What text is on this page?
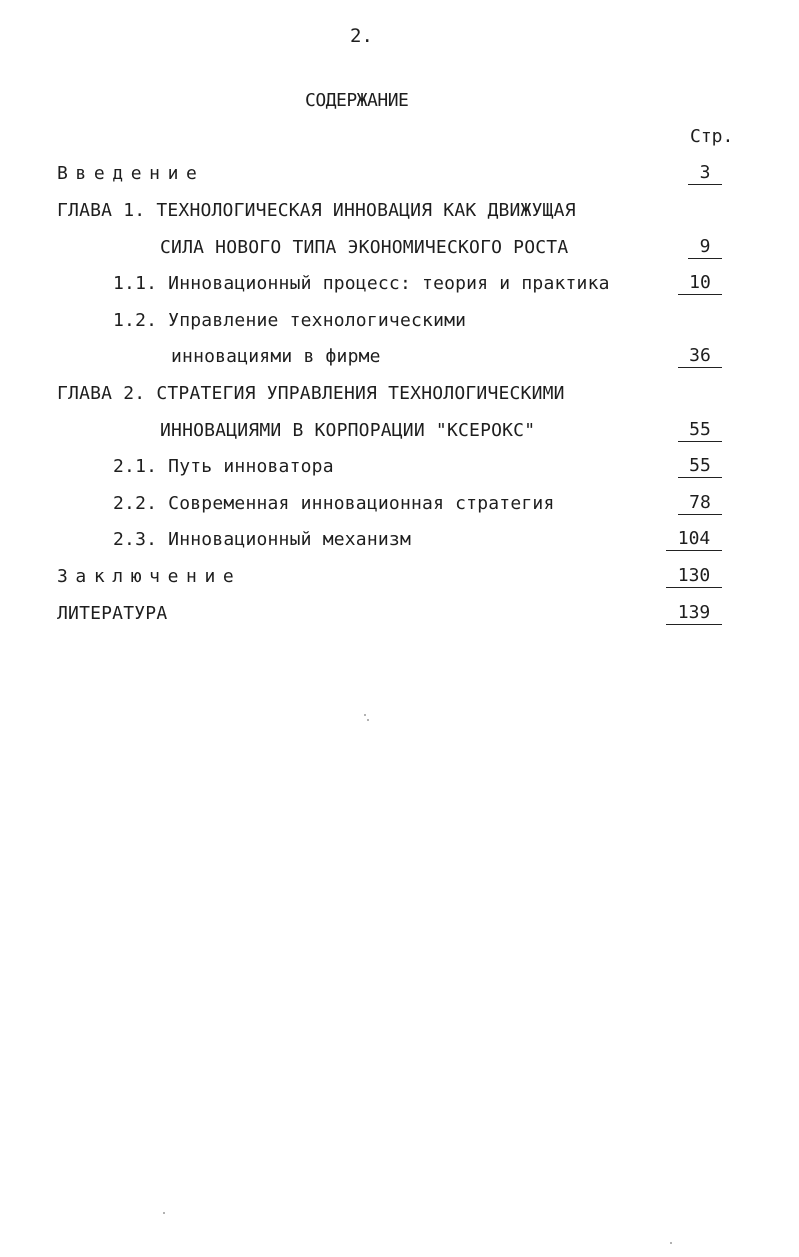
2.
СОДЕРЖАНИЕ
Стр.
Введение	3
ГЛАВА 1. ТЕХНОЛОГИЧЕСКАЯ ИННОВАЦИЯ КАК ДВИЖУЩАЯ
СИЛА НОВОГО ТИПА ЭКОНОМИЧЕСКОГО РОСТА	9
1.1. Инновационный процесс: теория и практика	10
1.2. Управление технологическими
инновациями в фирме	36
ГЛАВА 2. СТРАТЕГИЯ УПРАВЛЕНИЯ ТЕХНОЛОГИЧЕСКИМИ
ИННОВАЦИЯМИ В КОРПОРАЦИИ "КСЕРОКС"	55
2.1. Путь инноватора	55
2.2. Современная инновационная стратегия	78
2.3. Инновационный механизм	104
Заключение	130
ЛИТЕРАТУРА	139
